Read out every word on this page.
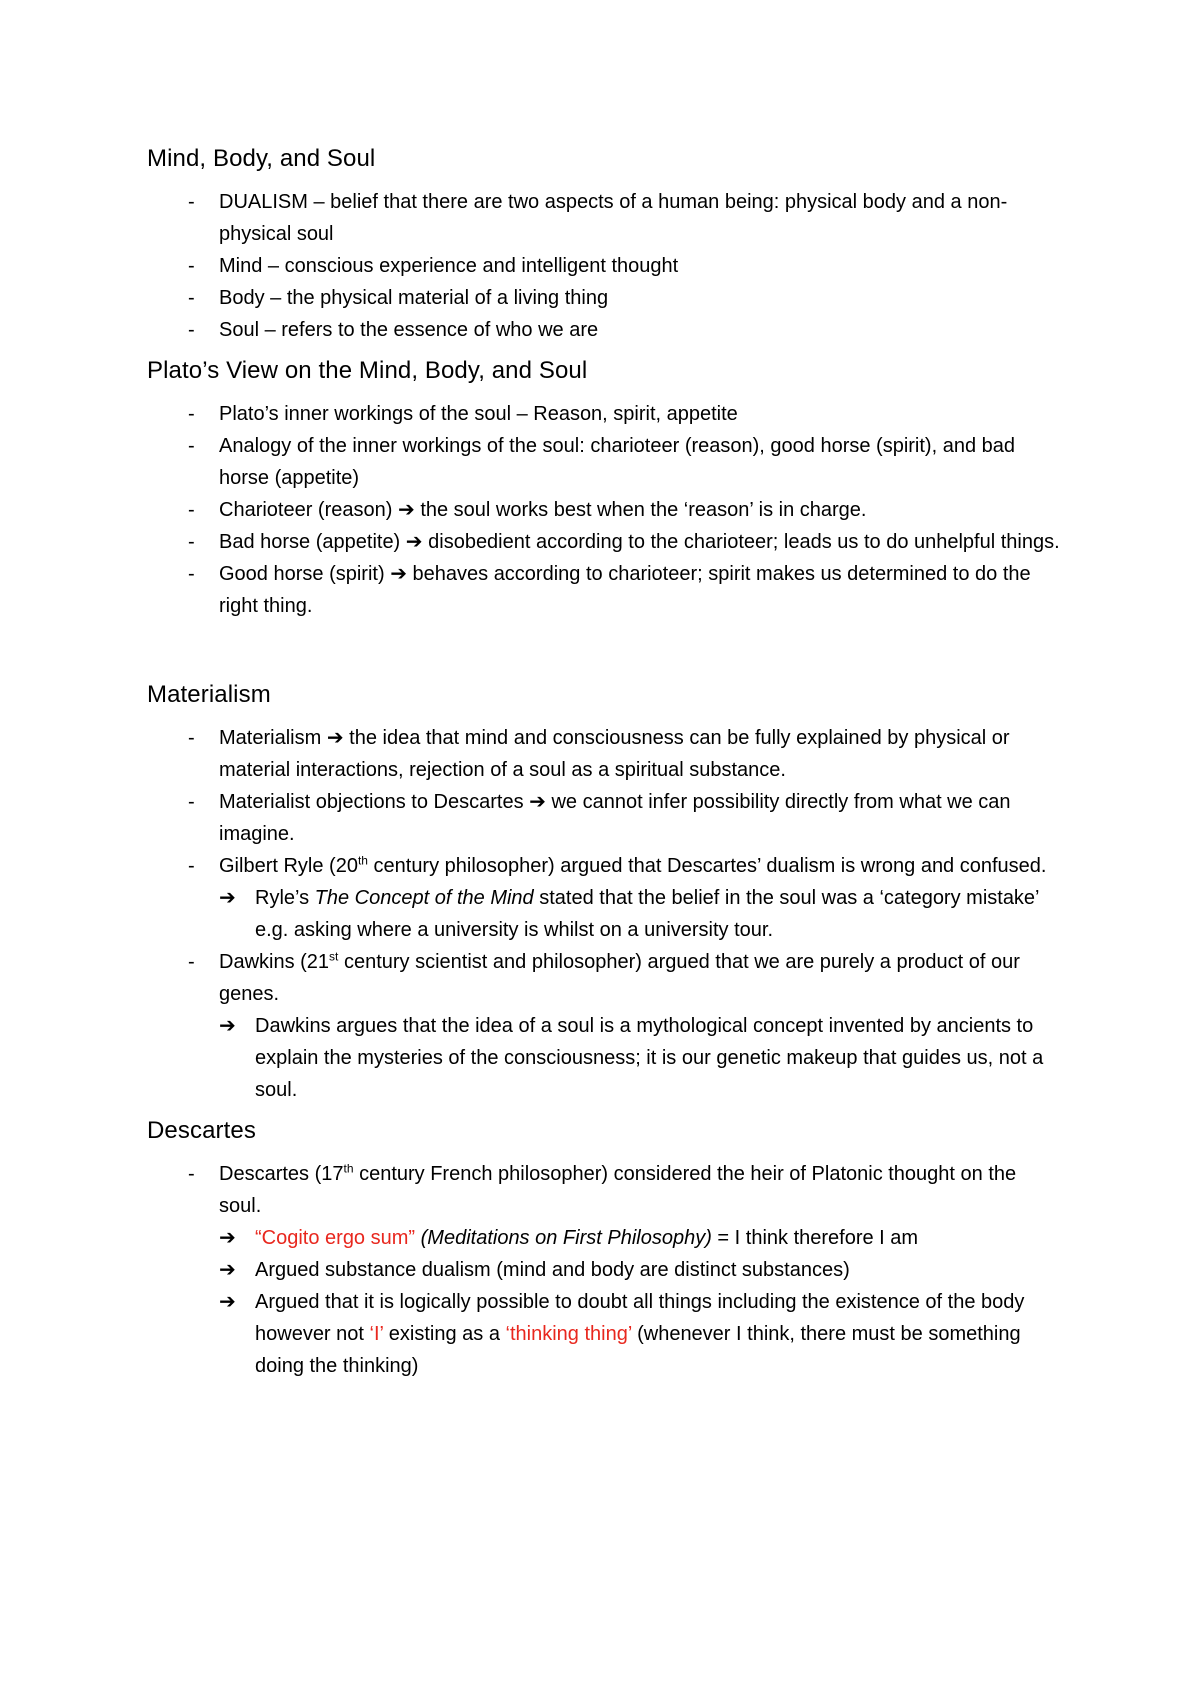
Mind, Body, and Soul
- DUALISM – belief that there are two aspects of a human being: physical body and a non-physical soul
- Mind – conscious experience and intelligent thought
- Body – the physical material of a living thing
- Soul – refers to the essence of who we are
Plato’s View on the Mind, Body, and Soul
- Plato’s inner workings of the soul – Reason, spirit, appetite
- Analogy of the inner workings of the soul: charioteer (reason), good horse (spirit), and bad horse (appetite)
- Charioteer (reason) ➔ the soul works best when the ‘reason’ is in charge.
- Bad horse (appetite) ➔ disobedient according to the charioteer; leads us to do unhelpful things.
- Good horse (spirit) ➔ behaves according to charioteer; spirit makes us determined to do the right thing.
Materialism
- Materialism ➔ the idea that mind and consciousness can be fully explained by physical or material interactions, rejection of a soul as a spiritual substance.
- Materialist objections to Descartes ➔ we cannot infer possibility directly from what we can imagine.
- Gilbert Ryle (20th century philosopher) argued that Descartes’ dualism is wrong and confused.
➔ Ryle’s The Concept of the Mind stated that the belief in the soul was a ‘category mistake’ e.g. asking where a university is whilst on a university tour.
- Dawkins (21st century scientist and philosopher) argued that we are purely a product of our genes.
➔ Dawkins argues that the idea of a soul is a mythological concept invented by ancients to explain the mysteries of the consciousness; it is our genetic makeup that guides us, not a soul.
Descartes
- Descartes (17th century French philosopher) considered the heir of Platonic thought on the soul.
➔ “Cogito ergo sum” (Meditations on First Philosophy) = I think therefore I am
➔ Argued substance dualism (mind and body are distinct substances)
➔ Argued that it is logically possible to doubt all things including the existence of the body however not ‘I’ existing as a ‘thinking thing’ (whenever I think, there must be something doing the thinking)
